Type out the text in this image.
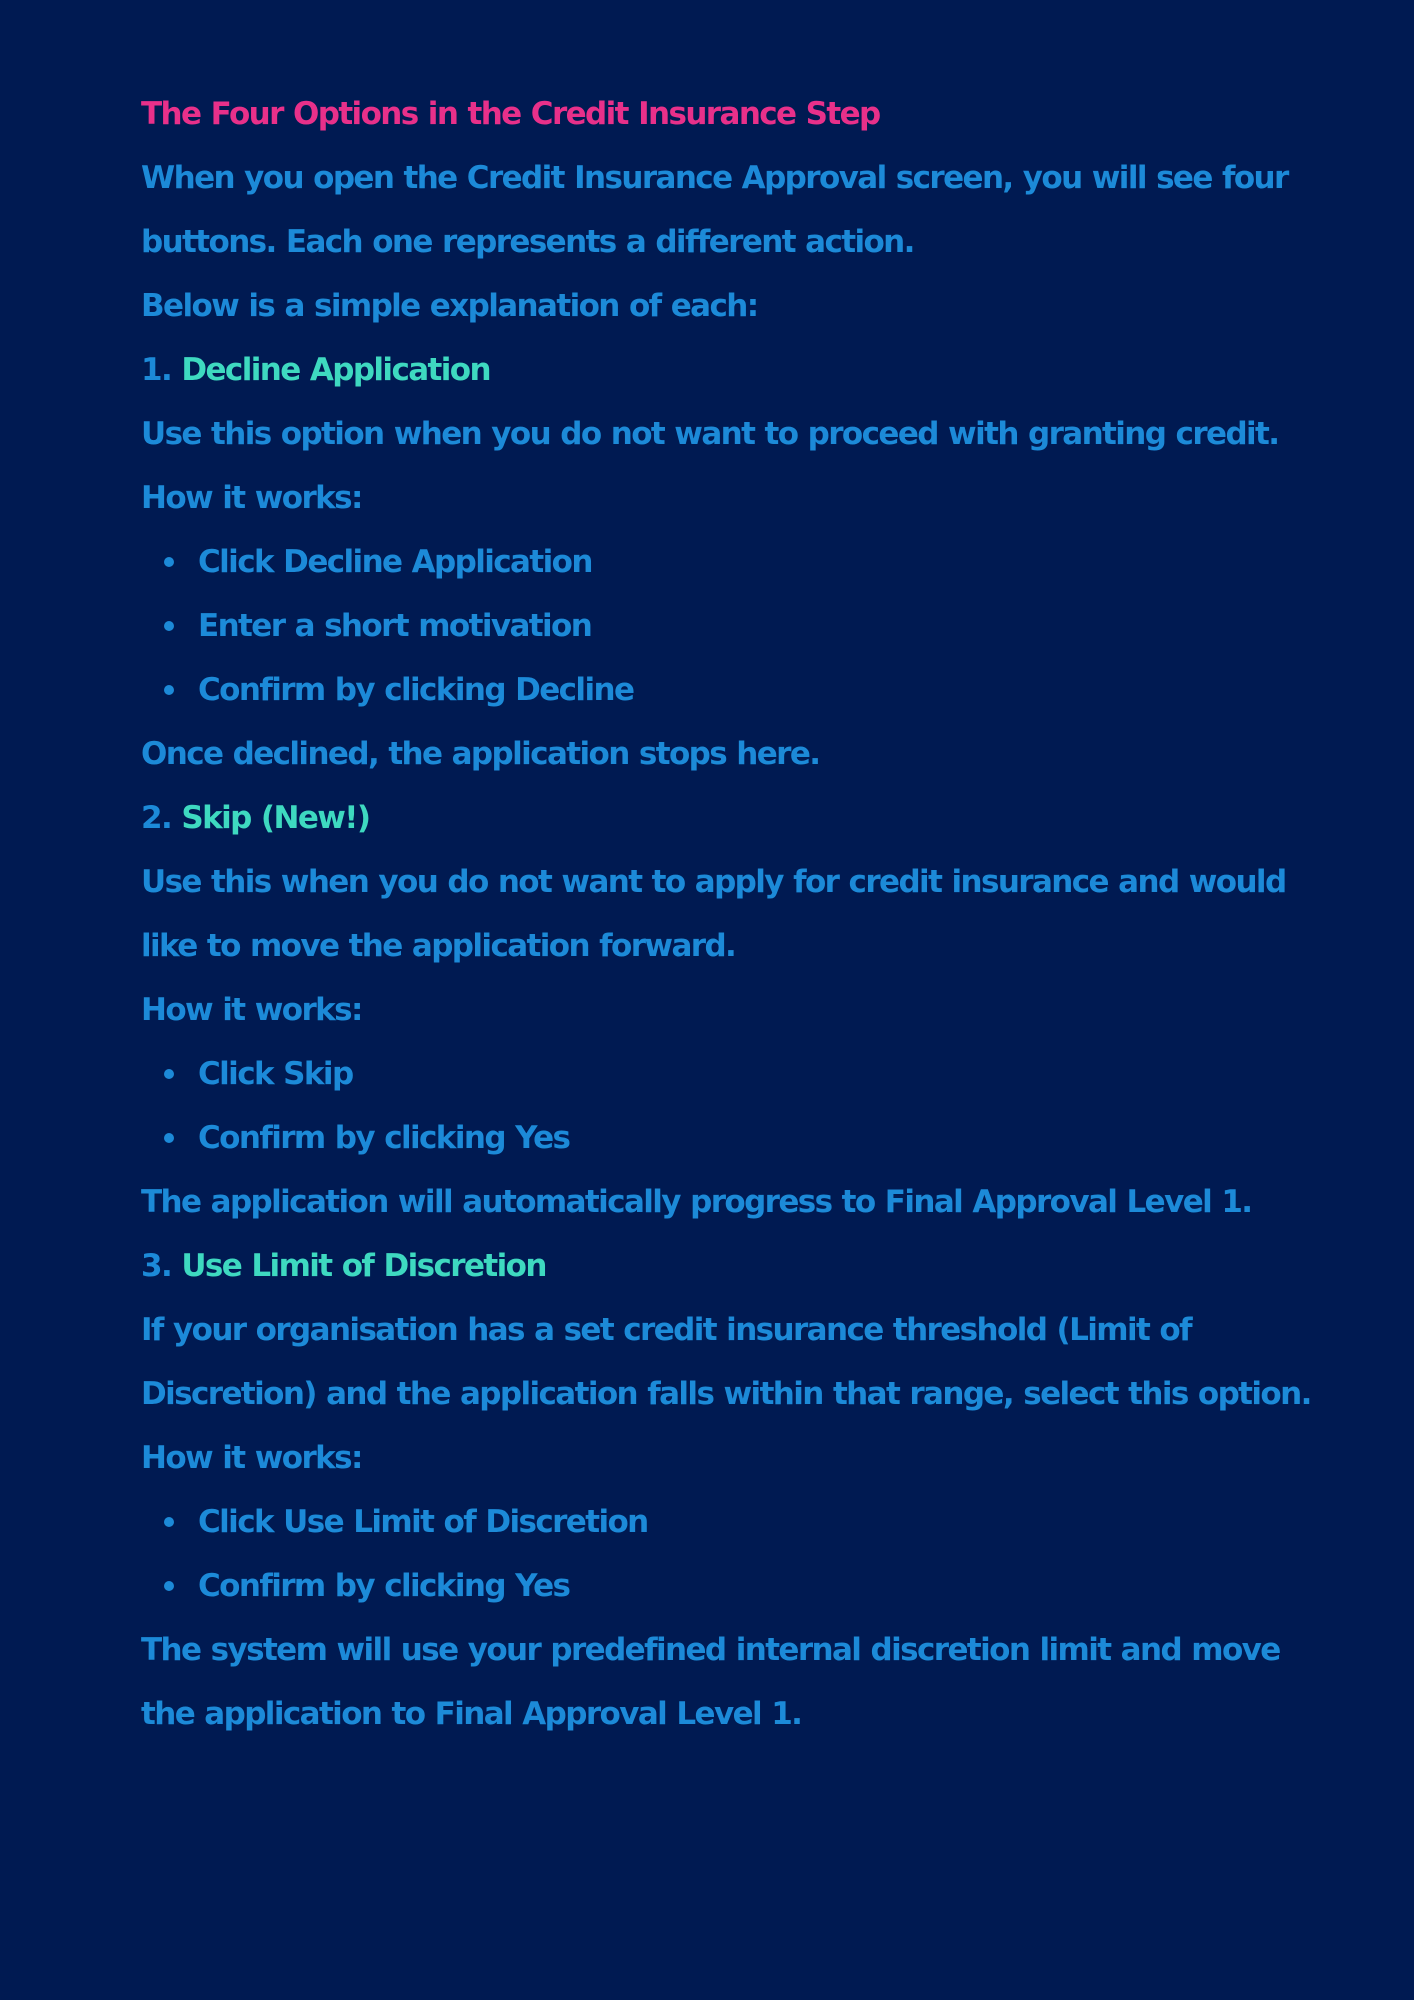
The Four Options in the Credit Insurance Step

When you open the Credit Insurance Approval screen, you will see four

buttons. Each one represents a different action.

Below is a simple explanation of each:

1. Decline Application

Use this option when you do not want to proceed with granting credit.

How it works:

Click Decline Application
Enter a short motivation
Confirm by clicking Decline

Once declined, the application stops here.

2. Skip (New!)

Use this when you do not want to apply for credit insurance and would

like to move the application forward.

How it works:

Click Skip
Confirm by clicking Yes

The application will automatically progress to Final Approval Level 1.

3. Use Limit of Discretion

If your organisation has a set credit insurance threshold (Limit of

Discretion) and the application falls within that range, select this option.

How it works:

Click Use Limit of Discretion
Confirm by clicking Yes

The system will use your predefined internal discretion limit and move

the application to Final Approval Level 1.
